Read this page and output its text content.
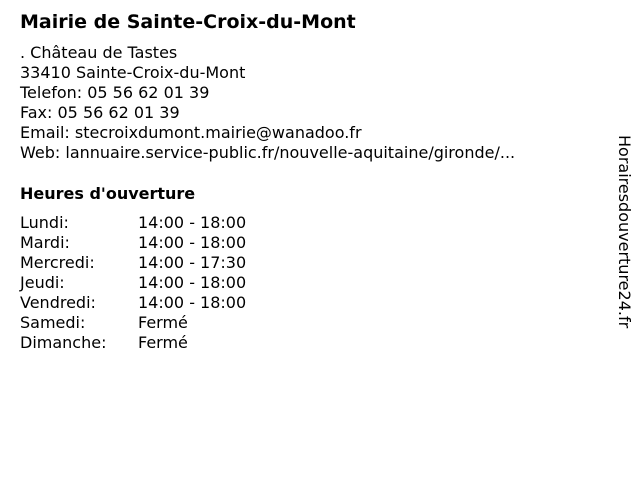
Mairie de Sainte-Croix-du-Mont
. Château de Tastes
33410 Sainte-Croix-du-Mont
Telefon: 05 56 62 01 39
Fax: 05 56 62 01 39
Email: stecroixdumont.mairie@wanadoo.fr
Web: lannuaire.service-public.fr/nouvelle-aquitaine/gironde/...
Heures d'ouverture
Lundi:	14:00 - 18:00
Mardi:	14:00 - 18:00
Mercredi:	14:00 - 17:30
Jeudi:	14:00 - 18:00
Vendredi:	14:00 - 18:00
Samedi:	Fermé
Dimanche: Fermé
Horairesdouverture24.fr
